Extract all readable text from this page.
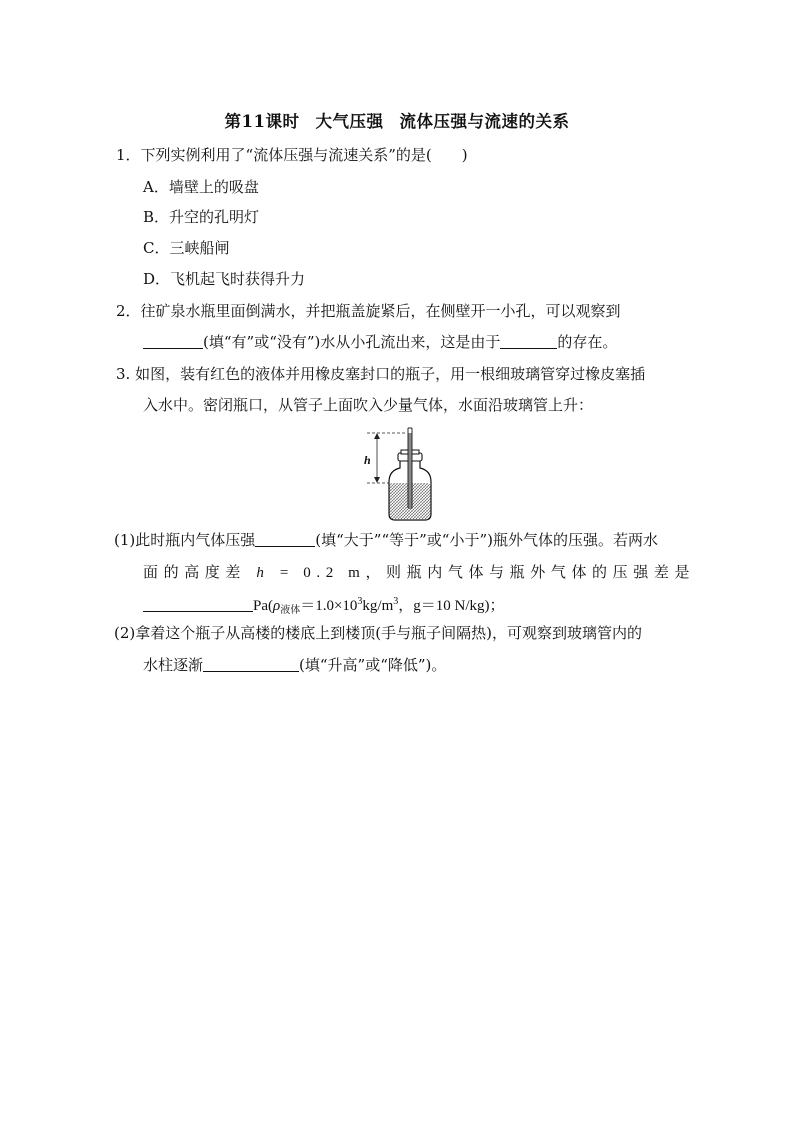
第11课时 大气压强 流体压强与流速的关系
1．下列实例利用了“流体压强与流速关系”的是(　　)
A．墙壁上的吸盘
B．升空的孔明灯
C．三峡船闸
D．飞机起飞时获得升力
2．往矿泉水瓶里面倒满水，并把瓶盖旋紧后，在侧壁开一小孔，可以观察到
(填“有”或“没有”)水从小孔流出来，这是由于	的存在。
3. 如图，装有红色的液体并用橡皮塞封口的瓶子，用一根细玻璃管穿过橡皮塞插
入水中。密闭瓶口，从管子上面吹入少量气体，水面沿玻璃管上升：
h
(1)此时瓶内气体压强	(填“大于”“等于”或“小于”)瓶外气体的压强。若两水
面的高度差 h = 0.2 m，则瓶内气体与瓶外气体的压强差是
$Pa(\rho_{液体}=1.0\times 10^3kg/m^3$，g＝10 N/kg)；
(2)拿着这个瓶子从高楼的楼底上到楼顶(手与瓶子间隔热)，可观察到玻璃管内的
水柱逐渐	(填“升高”或“降低”)。
